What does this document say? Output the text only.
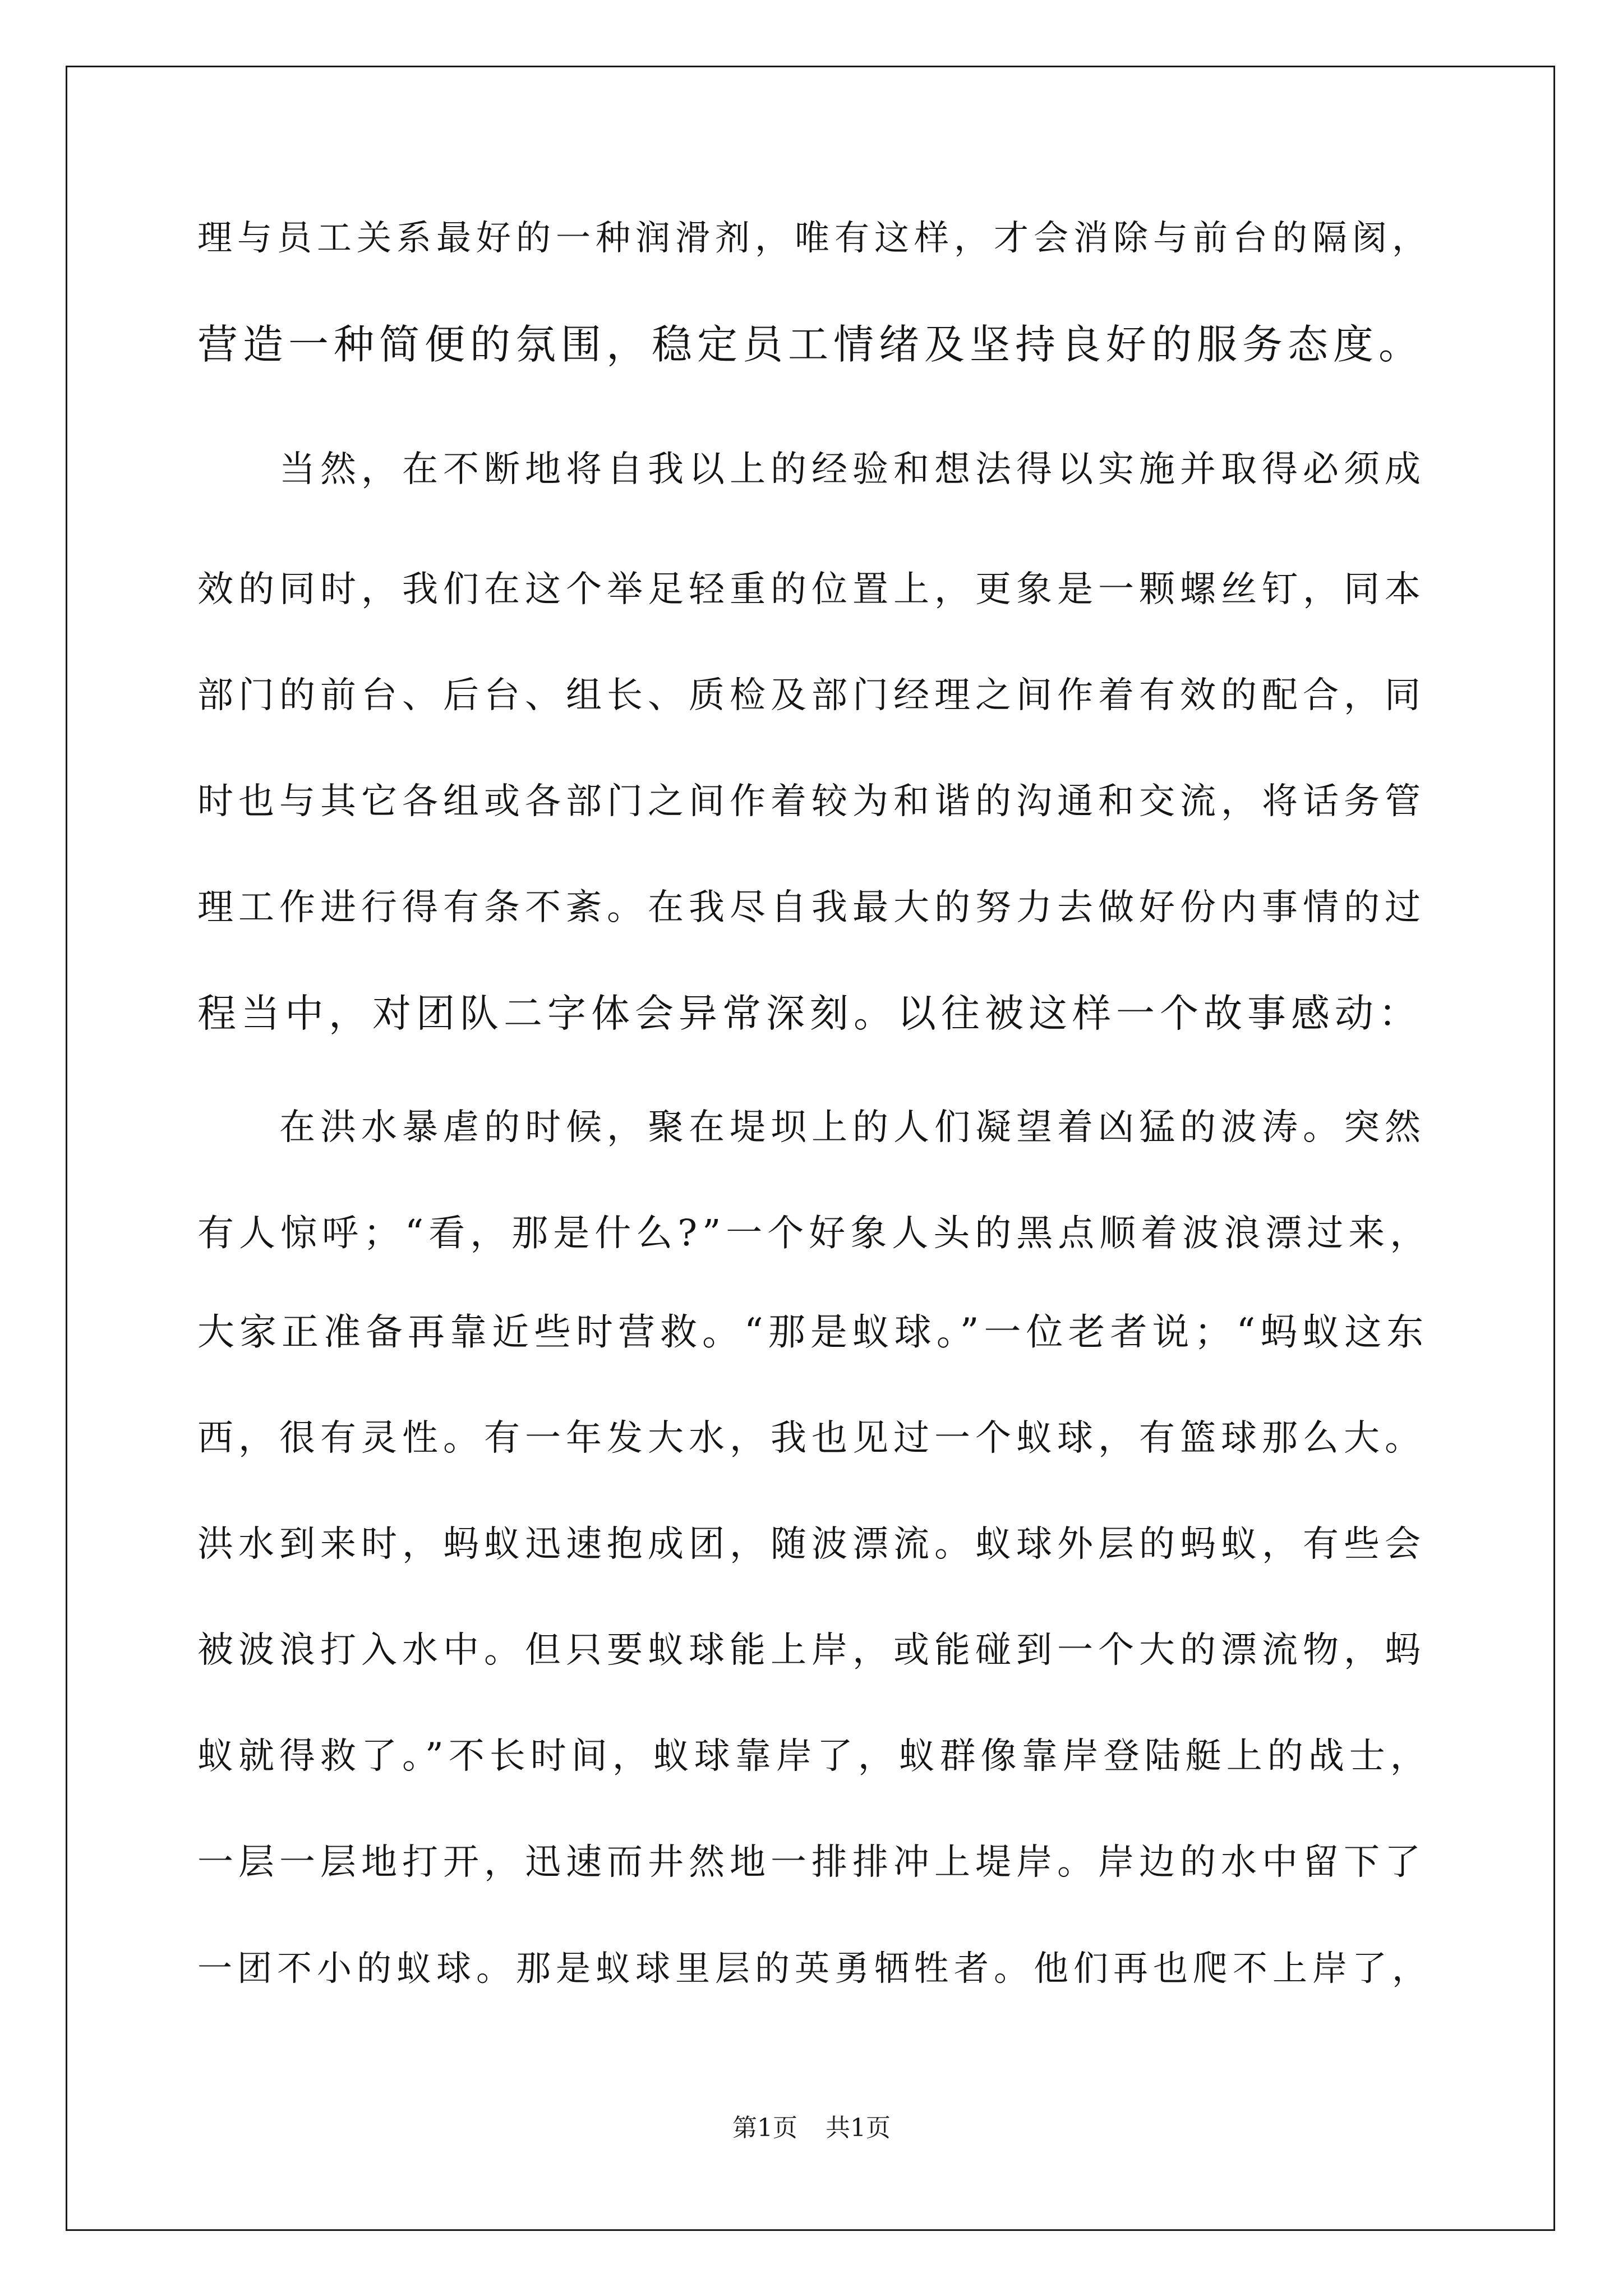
理与员工关系最好的一种润滑剂，唯有这样，才会消除与前台的隔阂，
营造一种简便的氛围，稳定员工情绪及坚持良好的服务态度。
　　当然，在不断地将自我以上的经验和想法得以实施并取得必须成
效的同时，我们在这个举足轻重的位置上，更象是一颗螺丝钉，同本
部门的前台、后台、组长、质检及部门经理之间作着有效的配合，同
时也与其它各组或各部门之间作着较为和谐的沟通和交流，将话务管
理工作进行得有条不紊。在我尽自我最大的努力去做好份内事情的过
程当中，对团队二字体会异常深刻。以往被这样一个故事感动：
　　在洪水暴虐的时候，聚在堤坝上的人们凝望着凶猛的波涛。突然
有人惊呼；“看，那是什么?”一个好象人头的黑点顺着波浪漂过来，
大家正准备再靠近些时营救。“那是蚁球。”一位老者说；“蚂蚁这东
西，很有灵性。有一年发大水，我也见过一个蚁球，有篮球那么大。
洪水到来时，蚂蚁迅速抱成团，随波漂流。蚁球外层的蚂蚁，有些会
被波浪打入水中。但只要蚁球能上岸，或能碰到一个大的漂流物，蚂
蚁就得救了。”不长时间，蚁球靠岸了，蚁群像靠岸登陆艇上的战士，
一层一层地打开，迅速而井然地一排排冲上堤岸。岸边的水中留下了
一团不小的蚁球。那是蚁球里层的英勇牺牲者。他们再也爬不上岸了，
第1页 共1页
